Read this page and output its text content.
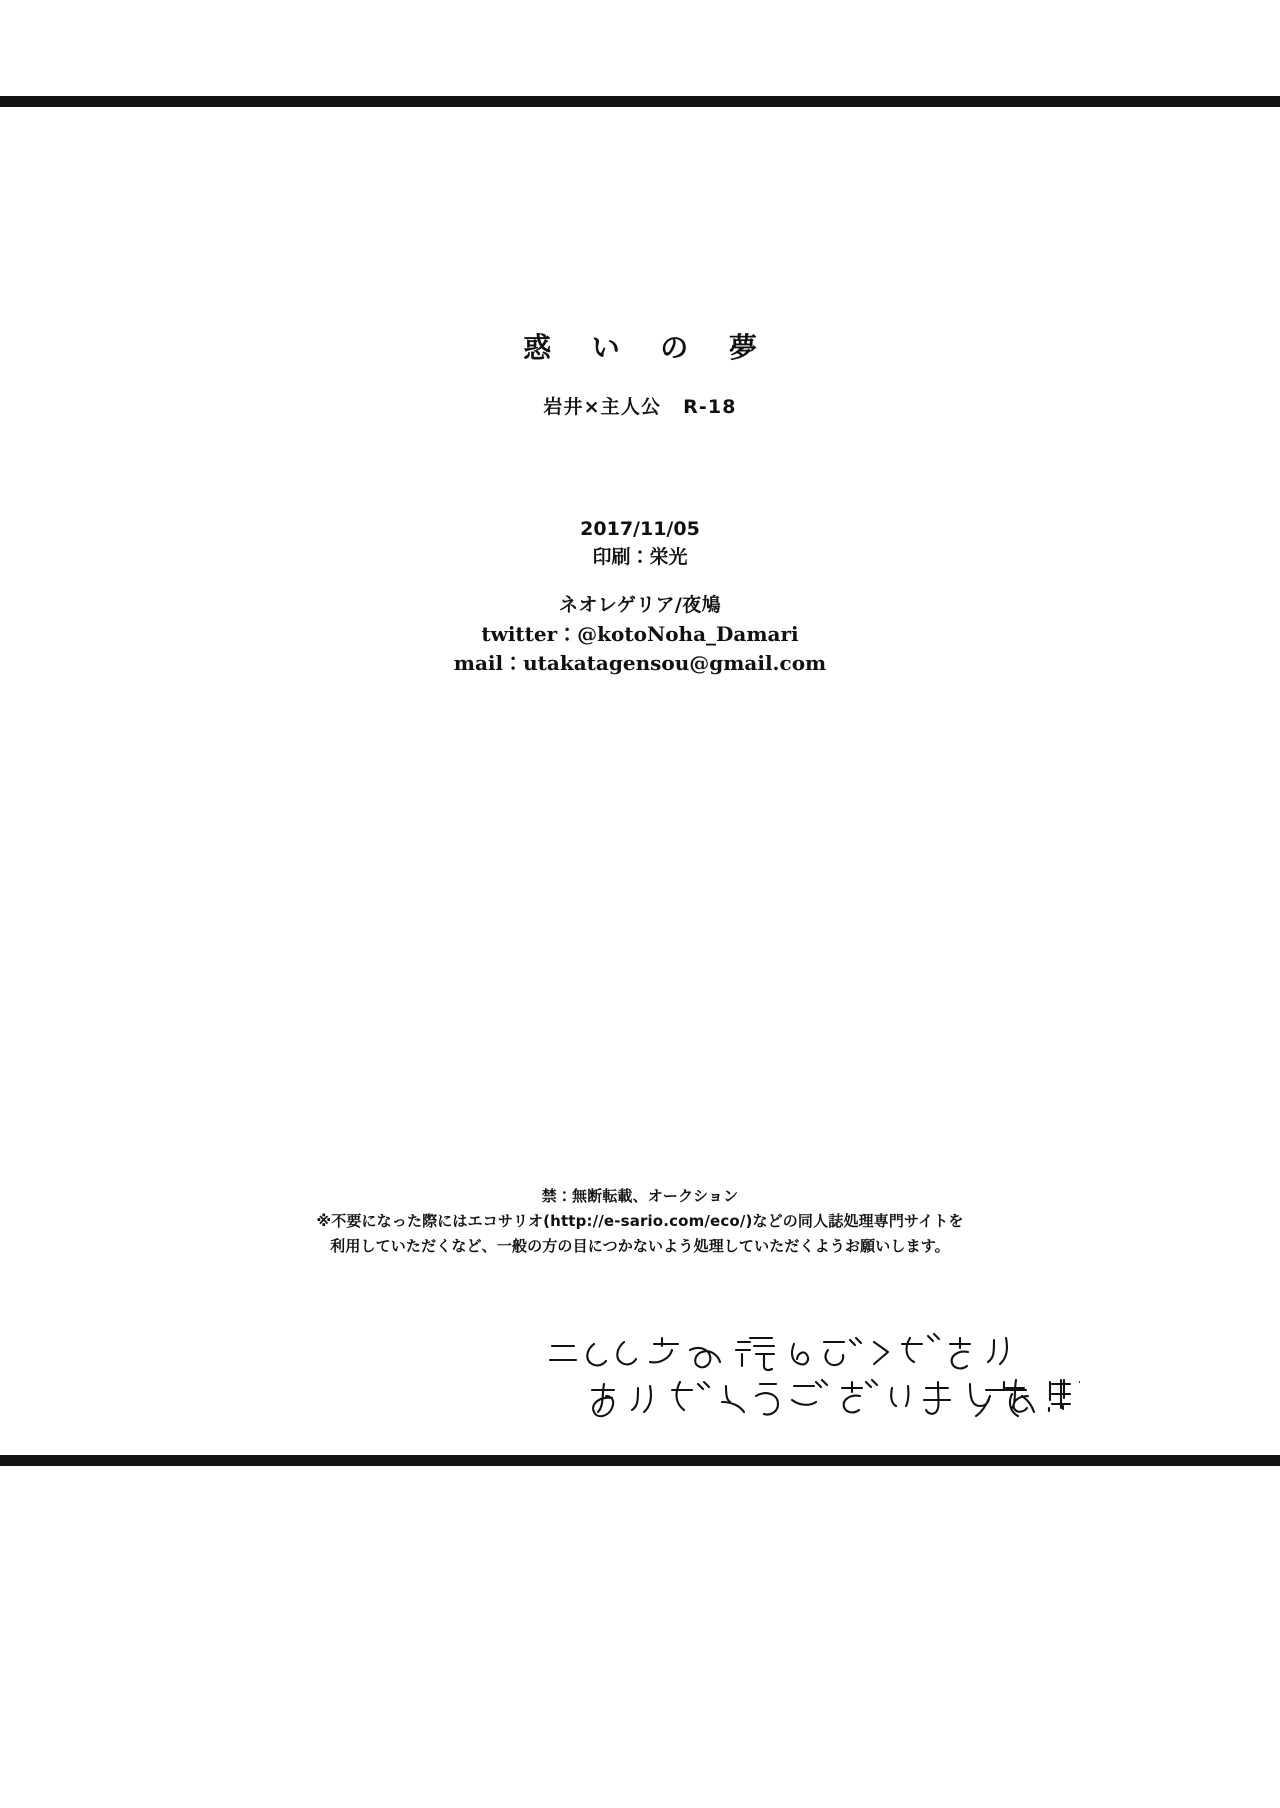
惑 い の 夢

岩井×主人公 R-18

2017/11/05

印刷：栄光

ネオレゲリア/夜鳩

twitter：@kotoNoha_Damari

mail：utakatagensou@gmail.com

禁：無断転載、オークション

※不要になった際にはエコサリオ(http://e-sario.com/eco/)などの同人誌処理専門サイトを

利用していただくなど、一般の方の目につかないよう処理していただくようお願いします。
